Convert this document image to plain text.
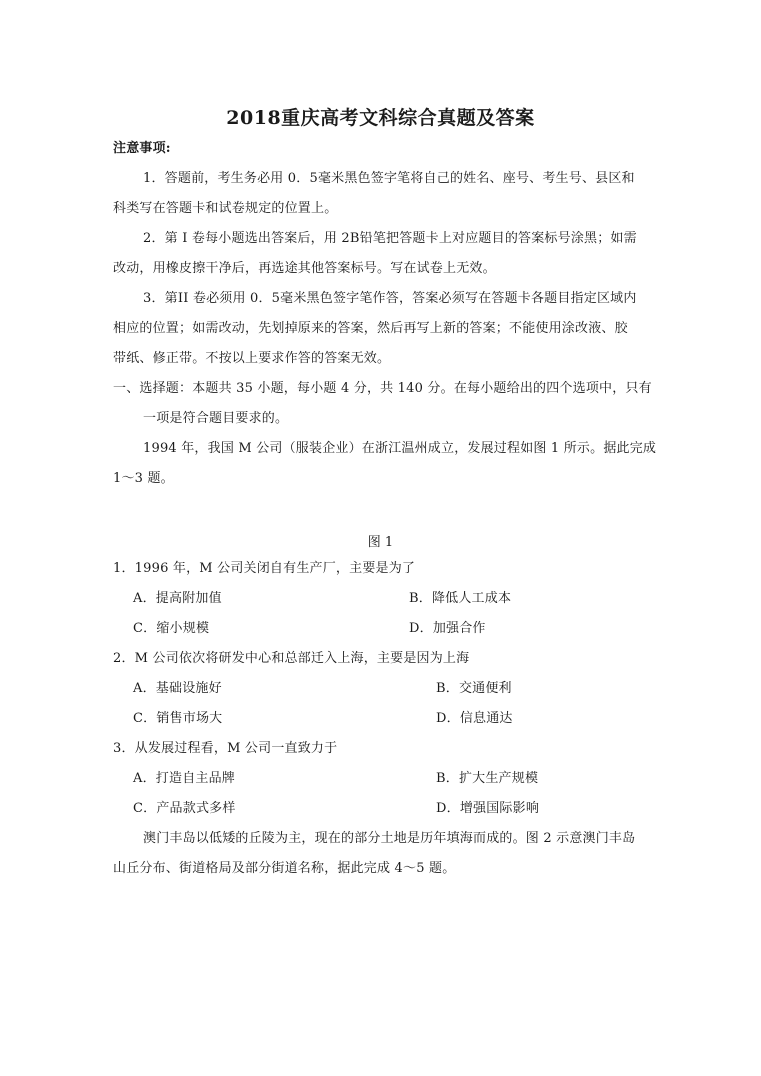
2018重庆高考文科综合真题及答案
注意事项:
1．答题前，考生务必用 0．5毫米黑色签字笔将自己的姓名、座号、考生号、县区和
科类写在答题卡和试卷规定的位置上。
2．第 I 卷每小题选出答案后，用 2B铅笔把答题卡上对应题目的答案标号涂黑；如需
改动，用橡皮擦干净后，再选途其他答案标号。写在试卷上无效。
3．第II 卷必须用 0．5毫米黑色签字笔作答，答案必须写在答题卡各题目指定区域内
相应的位置；如需改动，先划掉原来的答案，然后再写上新的答案；不能使用涂改液、胶
带纸、修正带。不按以上要求作答的答案无效。
一、选择题：本题共 35 小题，每小题 4 分，共 140 分。在每小题给出的四个选项中，只有
一项是符合题目要求的。
1994 年，我国 M 公司（服装企业）在浙江温州成立，发展过程如图 1 所示。据此完成
1～3 题。
图 1
1．1996 年，M 公司关闭自有生产厂，主要是为了
A．提高附加值	B．降低人工成本
C．缩小规模	D．加强合作
2．M 公司依次将研发中心和总部迁入上海，主要是因为上海
A．基础设施好	B．交通便利
C．销售市场大	D．信息通达
3．从发展过程看，M 公司一直致力于
A．打造自主品牌	B．扩大生产规模
C．产品款式多样	D．增强国际影响
澳门丰岛以低矮的丘陵为主，现在的部分土地是历年填海而成的。图 2 示意澳门丰岛
山丘分布、街道格局及部分街道名称，据此完成 4～5 题。
